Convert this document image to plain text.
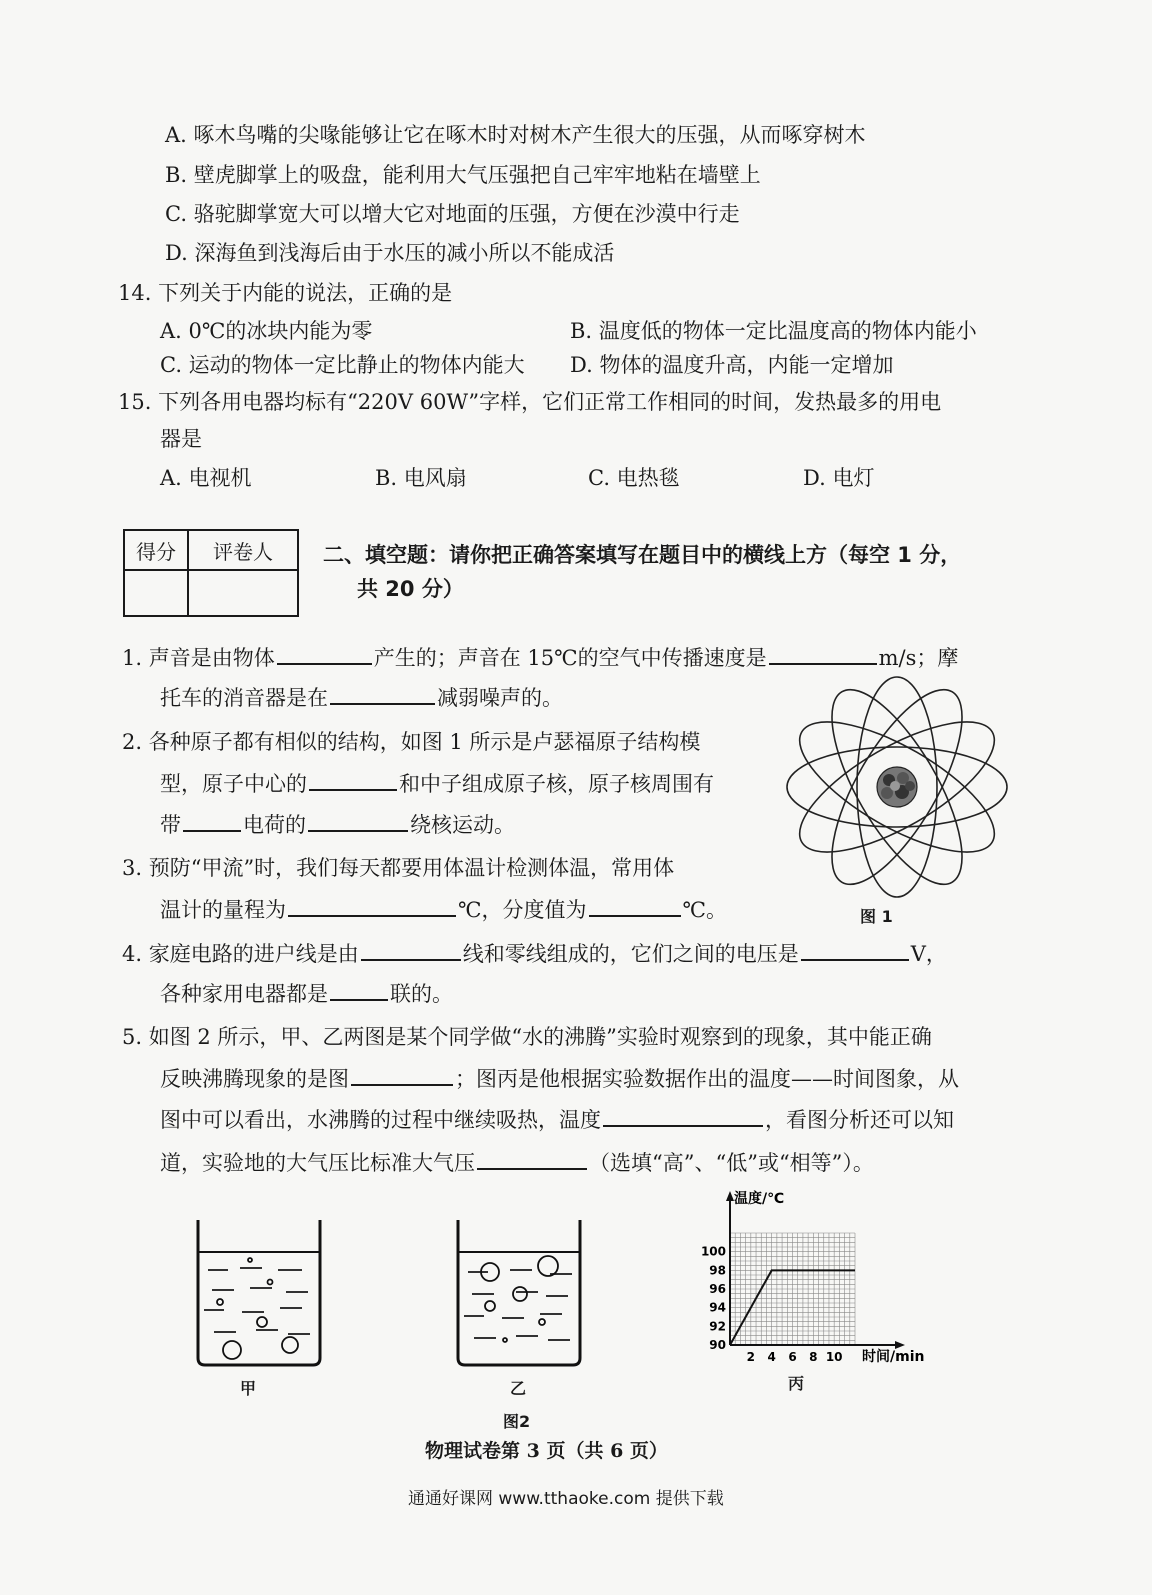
A. 啄木鸟嘴的尖喙能够让它在啄木时对树木产生很大的压强，从而啄穿树木
B. 壁虎脚掌上的吸盘，能利用大气压强把自己牢牢地粘在墙壁上
C. 骆驼脚掌宽大可以增大它对地面的压强，方便在沙漠中行走
D. 深海鱼到浅海后由于水压的减小所以不能成活
14. 下列关于内能的说法，正确的是
A. 0℃的冰块内能为零	B. 温度低的物体一定比温度高的物体内能小
C. 运动的物体一定比静止的物体内能大 D. 物体的温度升高，内能一定增加
15. 下列各用电器均标有“220V 60W”字样，它们正常工作相同的时间，发热最多的用电
器是
A. 电视机	B. 电风扇	C. 电热毯	D. 电灯
得分	评卷人
	二、填空题：请你把正确答案填写在题目中的横线上方（每空 1 分，
共 20 分）
1. 声音是由物体	产生的；声音在 15℃的空气中传播速度是	m/s；摩
托车的消音器是在	减弱噪声的。
2. 各种原子都有相似的结构，如图 1 所示是卢瑟福原子结构模
型，原子中心的	和中子组成原子核，原子核周围有
带	电荷的	绕核运动。
3. 预防“甲流”时，我们每天都要用体温计检测体温，常用体
温计的量程为	℃，分度值为	℃。	图 1
4. 家庭电路的进户线是由	线和零线组成的，它们之间的电压是	V，
各种家用电器都是	联的。
5. 如图 2 所示，甲、乙两图是某个同学做“水的沸腾”实验时观察到的现象，其中能正确
反映沸腾现象的是图	；图丙是他根据实验数据作出的温度——时间图象，从
图中可以看出，水沸腾的过程中继续吸热，温度	，看图分析还可以知
道，实验地的大气压比标准大气压	（选填“高”、“低”或“相等”）。
90
92
94
96
98
100
2 4 6 8 10
温度/℃
时间/min
甲	乙	丙
图2
物理试卷第 3 页（共 6 页）
通通好课网 www.tthaoke.com 提供下载
